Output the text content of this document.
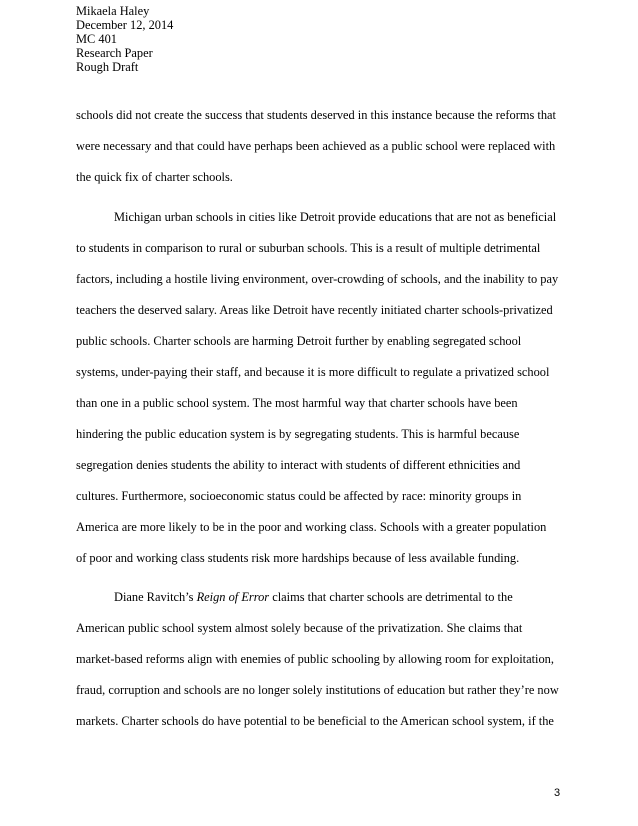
Mikaela Haley
December 12, 2014
MC 401
Research Paper
Rough Draft
schools did not create the success that students deserved in this instance because the reforms that
were necessary and that could have perhaps been achieved as a public school were replaced with
the quick fix of charter schools.
Michigan urban schools in cities like Detroit provide educations that are not as beneficial
to students in comparison to rural or suburban schools. This is a result of multiple detrimental
factors, including a hostile living environment, over-crowding of schools, and the inability to pay
teachers the deserved salary. Areas like Detroit have recently initiated charter schools-privatized
public schools. Charter schools are harming Detroit further by enabling segregated school
systems, under-paying their staff, and because it is more difficult to regulate a privatized school
than one in a public school system. The most harmful way that charter schools have been
hindering the public education system is by segregating students. This is harmful because
segregation denies students the ability to interact with students of different ethnicities and
cultures. Furthermore, socioeconomic status could be affected by race: minority groups in
America are more likely to be in the poor and working class. Schools with a greater population
of poor and working class students risk more hardships because of less available funding.
Diane Ravitch’s Reign of Error claims that charter schools are detrimental to the
American public school system almost solely because of the privatization. She claims that
market-based reforms align with enemies of public schooling by allowing room for exploitation,
fraud, corruption and schools are no longer solely institutions of education but rather they’re now
markets. Charter schools do have potential to be beneficial to the American school system, if the
3
